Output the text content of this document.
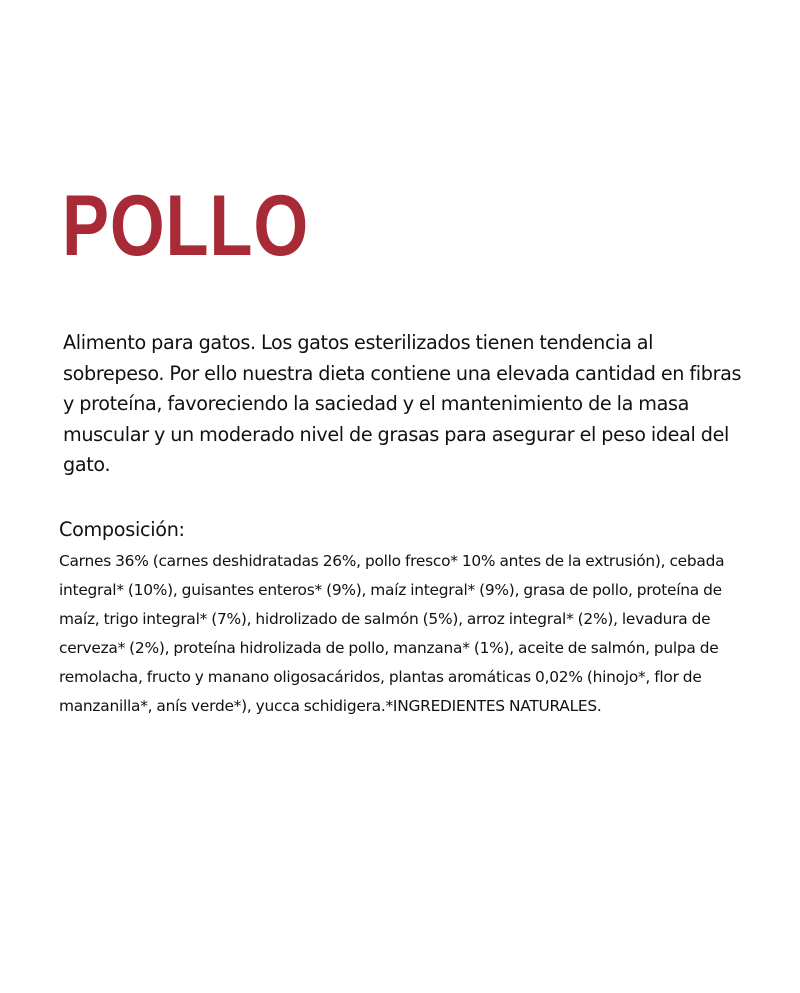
POLLO

Alimento para gatos. Los gatos esterilizados tienen tendencia al sobrepeso. Por ello nuestra dieta contiene una elevada cantidad en fibras y proteína, favoreciendo la saciedad y el mantenimiento de la masa muscular y un moderado nivel de grasas para asegurar el peso ideal del gato.

Composición:

Carnes 36% (carnes deshidratadas 26%, pollo fresco* 10% antes de la extrusión), cebada integral* (10%), guisantes enteros* (9%), maíz integral* (9%), grasa de pollo, proteína de maíz, trigo integral* (7%), hidrolizado de salmón (5%), arroz integral* (2%), levadura de cerveza* (2%), proteína hidrolizada de pollo, manzana* (1%), aceite de salmón, pulpa de remolacha, fructo y manano oligosacáridos, plantas aromáticas 0,02% (hinojo*, flor de manzanilla*, anís verde*), yucca schidigera.*INGREDIENTES NATURALES.
